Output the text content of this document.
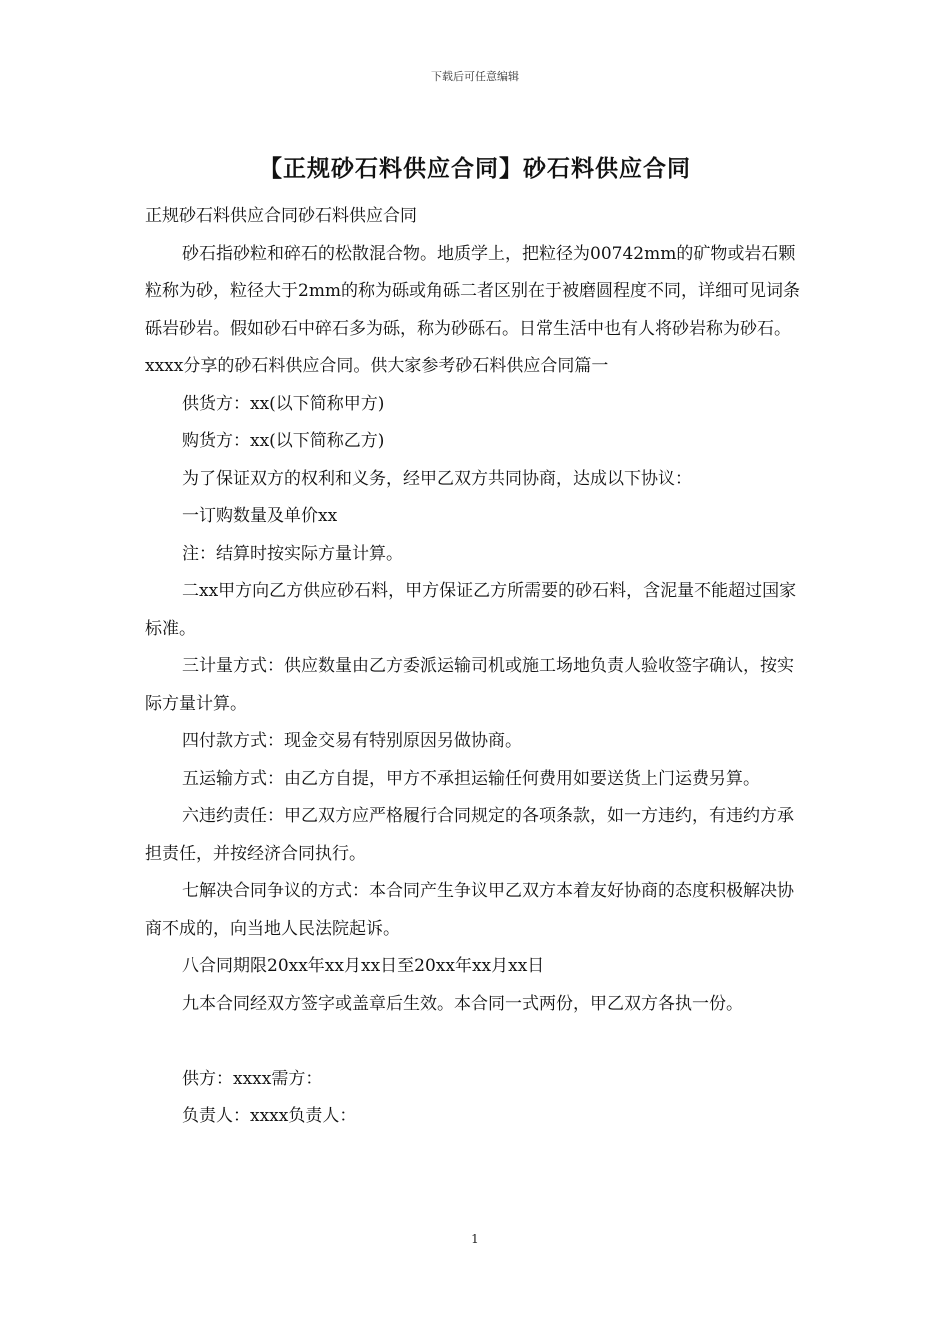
下载后可任意编辑
【正规砂石料供应合同】砂石料供应合同

正规砂石料供应合同砂石料供应合同

砂石指砂粒和碎石的松散混合物。地质学上，把粒径为00742mm的矿物或岩石颗粒称为砂，粒径大于2mm的称为砾或角砾二者区别在于被磨圆程度不同，详细可见词条砾岩砂岩。假如砂石中碎石多为砾，称为砂砾石。日常生活中也有人将砂岩称为砂石。xxxx分享的砂石料供应合同。供大家参考砂石料供应合同篇一

供货方：xx(以下简称甲方)

购货方：xx(以下简称乙方)

为了保证双方的权利和义务，经甲乙双方共同协商，达成以下协议：

一订购数量及单价xx

注：结算时按实际方量计算。

二xx甲方向乙方供应砂石料，甲方保证乙方所需要的砂石料，含泥量不能超过国家标准。

三计量方式：供应数量由乙方委派运输司机或施工场地负责人验收签字确认，按实际方量计算。

四付款方式：现金交易有特别原因另做协商。

五运输方式：由乙方自提，甲方不承担运输任何费用如要送货上门运费另算。

六违约责任：甲乙双方应严格履行合同规定的各项条款，如一方违约，有违约方承担责任，并按经济合同执行。

七解决合同争议的方式：本合同产生争议甲乙双方本着友好协商的态度积极解决协商不成的，向当地人民法院起诉。

八合同期限20xx年xx月xx日至20xx年xx月xx日

九本合同经双方签字或盖章后生效。本合同一式两份，甲乙双方各执一份。

供方：xxxx需方：

负责人：xxxx负责人：

1
